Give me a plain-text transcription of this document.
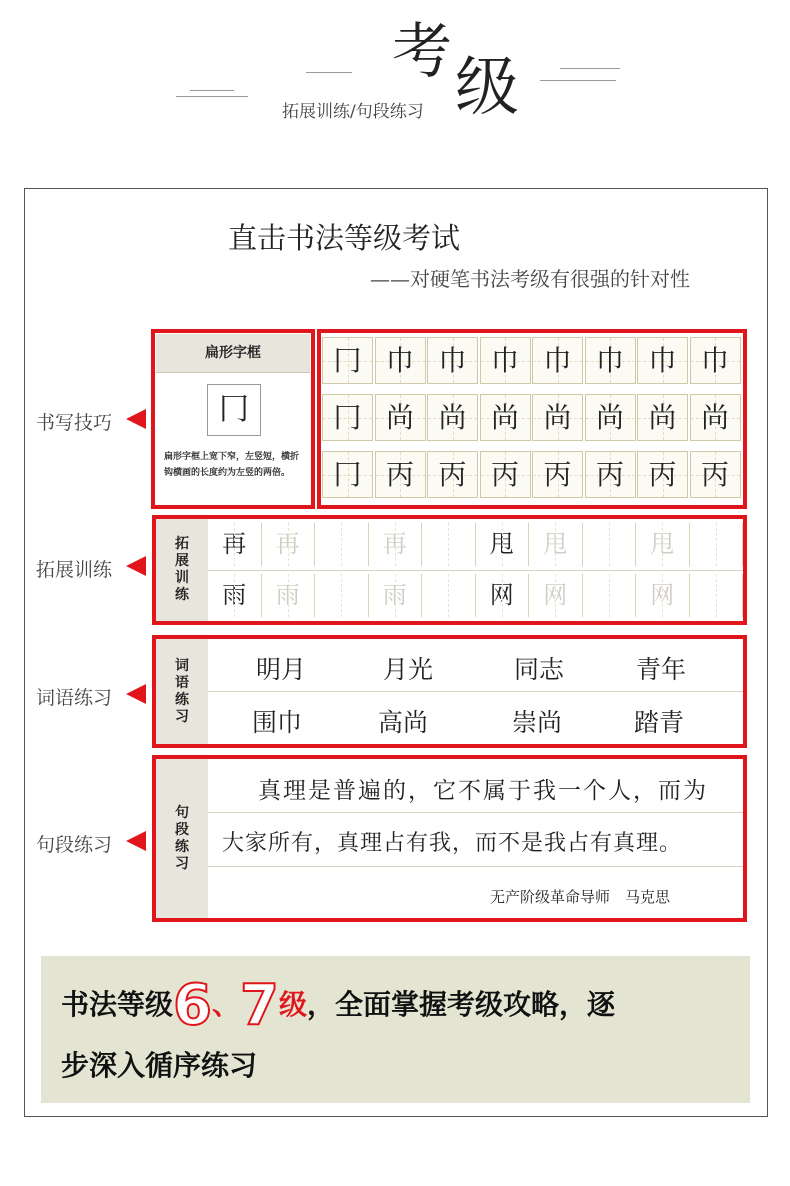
考 级
拓展训练/句段练习
直击书法等级考试
——对硬笔书法考级有很强的针对性
书写技巧
拓展训练
词语练习
句段练习
扁形字框
冂
扁形字框上宽下窄，左竖短，横折钩横画的长度约为左竖的两倍。
冂 巾 巾 巾 巾 巾 巾 巾
冂 尚 尚 尚 尚 尚 尚 尚
冂 丙 丙 丙 丙 丙 丙 丙
拓展训练
再	再	再	甩	甩	甩
雨	雨	雨	网	网	网
词语练习
明月	月光	同志	青年
围巾	高尚	崇尚	踏青
句段练习
真理是普遍的，它不属于我一个人，而为
大家所有，真理占有我，而不是我占有真理。
无产阶级革命导师　马克思
书法等级6、7级，全面掌握考级攻略，逐
步深入循序练习
